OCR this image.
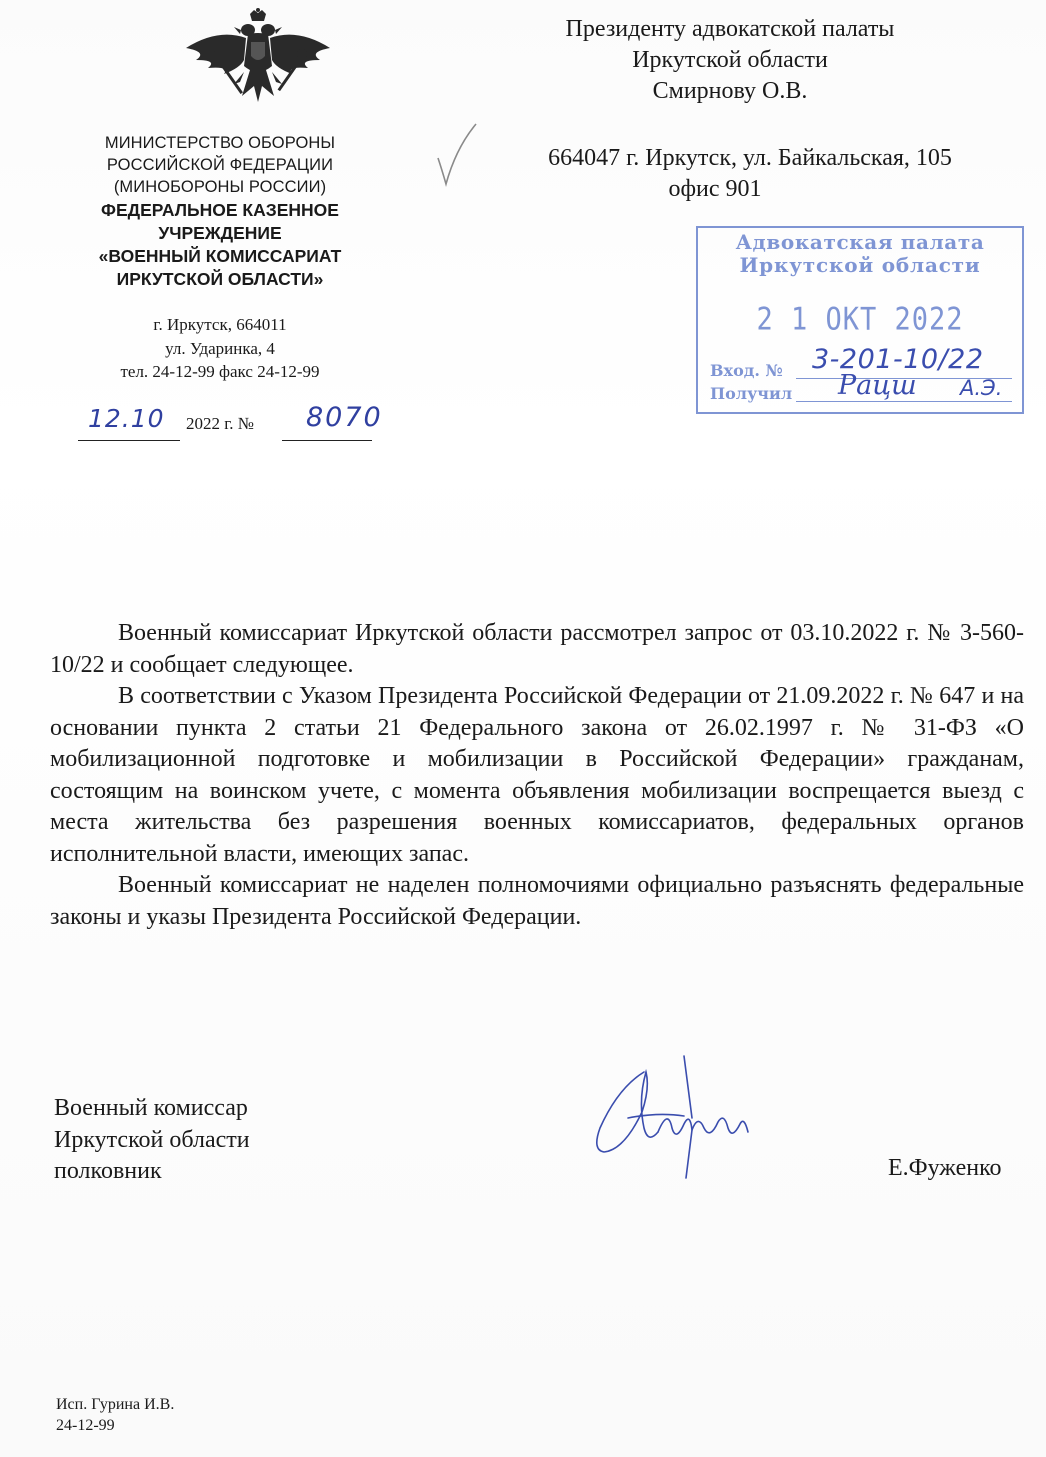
МИНИСТЕРСТВО ОБОРОНЫ
РОССИЙСКОЙ ФЕДЕРАЦИИ
(МИНОБОРОНЫ РОССИИ)
ФЕДЕРАЛЬНОЕ КАЗЕННОЕ
УЧРЕЖДЕНИЕ
«ВОЕННЫЙ КОМИССАРИАТ
ИРКУТСКОЙ ОБЛАСТИ»
г. Иркутск, 664011
ул. Ударинка, 4
тел. 24-12-99 факс 24-12-99
12.10 2022 г. № 8070
Президенту адвокатской палаты
Иркутской области
Смирнову О.В.
664047 г. Иркутск, ул. Байкальская, 105
офис 901
Адвокатская палата
Иркутской области
2 1 ОКТ 2022
Вход. № 3-201-10/22
Получил Рацш А.Э.

Военный комиссариат Иркутской области рассмотрел запрос от 03.10.2022 г. № 3-560-10/22 и сообщает следующее.

В соответствии с Указом Президента Российской Федерации от 21.09.2022 г. № 647 и на основании пункта 2 статьи 21 Федерального закона от 26.02.1997 г. № 31-ФЗ «О мобилизационной подготовке и мобилизации в Российской Федерации» гражданам, состоящим на воинском учете, с момента объявления мобилизации воспрещается выезд с места жительства без разрешения военных комиссариатов, федеральных органов исполнительной власти, имеющих запас.

Военный комиссариат не наделен полномочиями официально разъяснять федеральные законы и указы Президента Российской Федерации.

Военный комиссар
Иркутской области
полковник	Е.Фуженко
Исп. Гурина И.В.
24-12-99
